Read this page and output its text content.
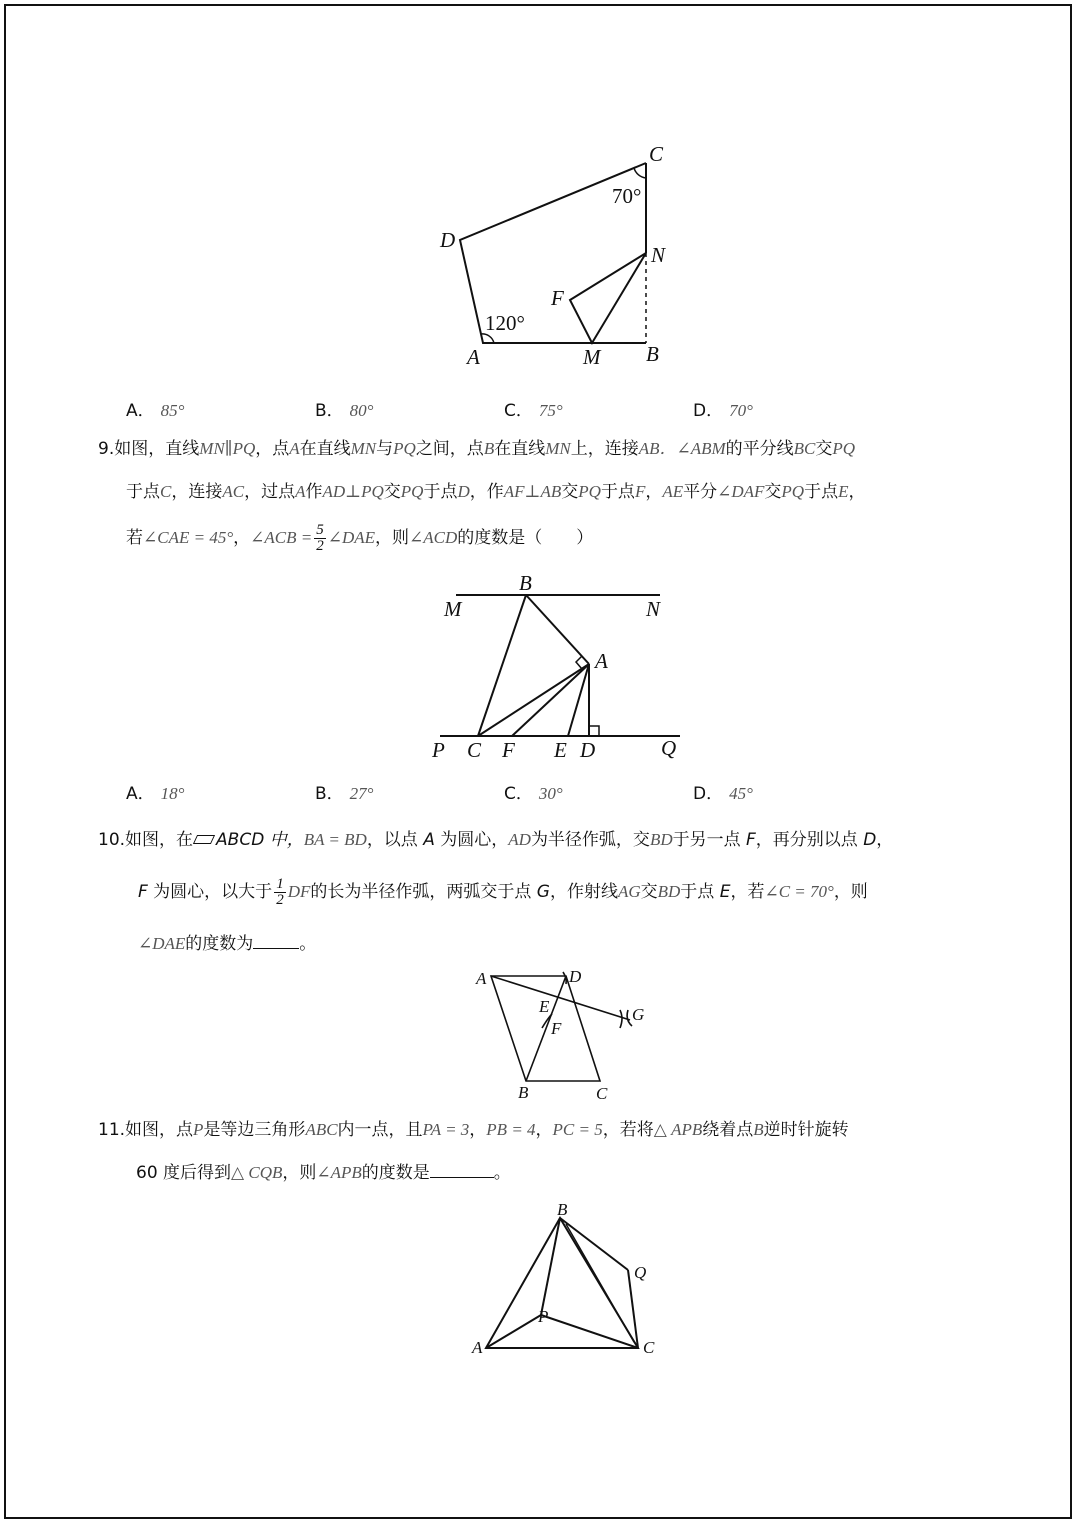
C
D
N
F
A	M B
70°
120°
A． 85°	B． 80°	C． 75°	D． 70°
9.如图，直线MN∥PQ，点A在直线MN与PQ之间，点B在直线MN上，连接AB．∠ABM的平分线BC交PQ
于点C，连接AC，过点A作AD⊥PQ交PQ于点D，作AF⊥AB交PQ于点F，AE平分∠DAF交PQ于点E，
若∠CAE = 45°，∠ACB = $\frac{5}{2}$ ∠DAE，则∠ACD的度数是（　　）
B
M	N
A
P C F E D	Q
A． 18°	B． 27°	C． 30°	D． 45°
10.如图，在 ABCD 中，BA = BD，以点 A 为圆心，AD为半径作弧，交BD于另一点 F，再分别以点 D，
F 为圆心，以大于 $\frac{1}{2}$ DF的长为半径作弧，两弧交于点 G，作射线AG交BD于点 E，若∠C = 70°，则
∠DAE的度数为	。
A	D
E	G
F
B	C
11.如图，点P是等边三角形ABC内一点，且PA = 3，PB = 4，PC = 5，若将△ APB绕着点B逆时针旋转
60 度后得到△ CQB，则∠APB的度数是	。
B
Q
P
A	C
